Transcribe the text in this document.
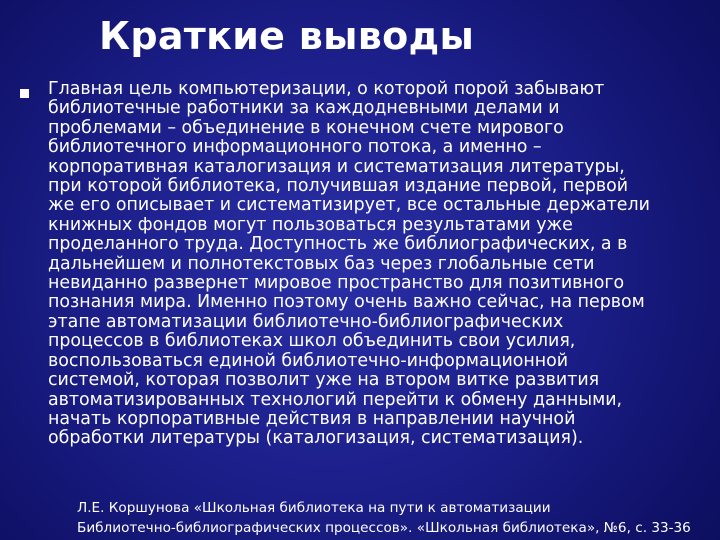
Краткие выводы

Главная цель компьютеризации, о которой порой забывают
библиотечные работники за каждодневными делами и
проблемами – объединение в конечном счете мирового
библиотечного информационного потока, а именно –
корпоративная каталогизация и систематизация литературы,
при которой библиотека, получившая издание первой, первой
же его описывает и систематизирует, все остальные держатели
книжных фондов могут пользоваться результатами уже
проделанного труда. Доступность же библиографических, а в
дальнейшем и полнотекстовых баз через глобальные сети
невиданно развернет мировое пространство для позитивного
познания мира. Именно поэтому очень важно сейчас, на первом
этапе автоматизации библиотечно-библиографических
процессов в библиотеках школ объединить свои усилия,
воспользоваться единой библиотечно-информационной
системой, которая позволит уже на втором витке развития
автоматизированных технологий перейти к обмену данными,
начать корпоративные действия в направлении научной
обработки литературы (каталогизация, систематизация).

Л.Е. Коршунова «Школьная библиотека на пути к автоматизации
Библиотечно-библиографических процессов». «Школьная библиотека», №6, с. 33-36
